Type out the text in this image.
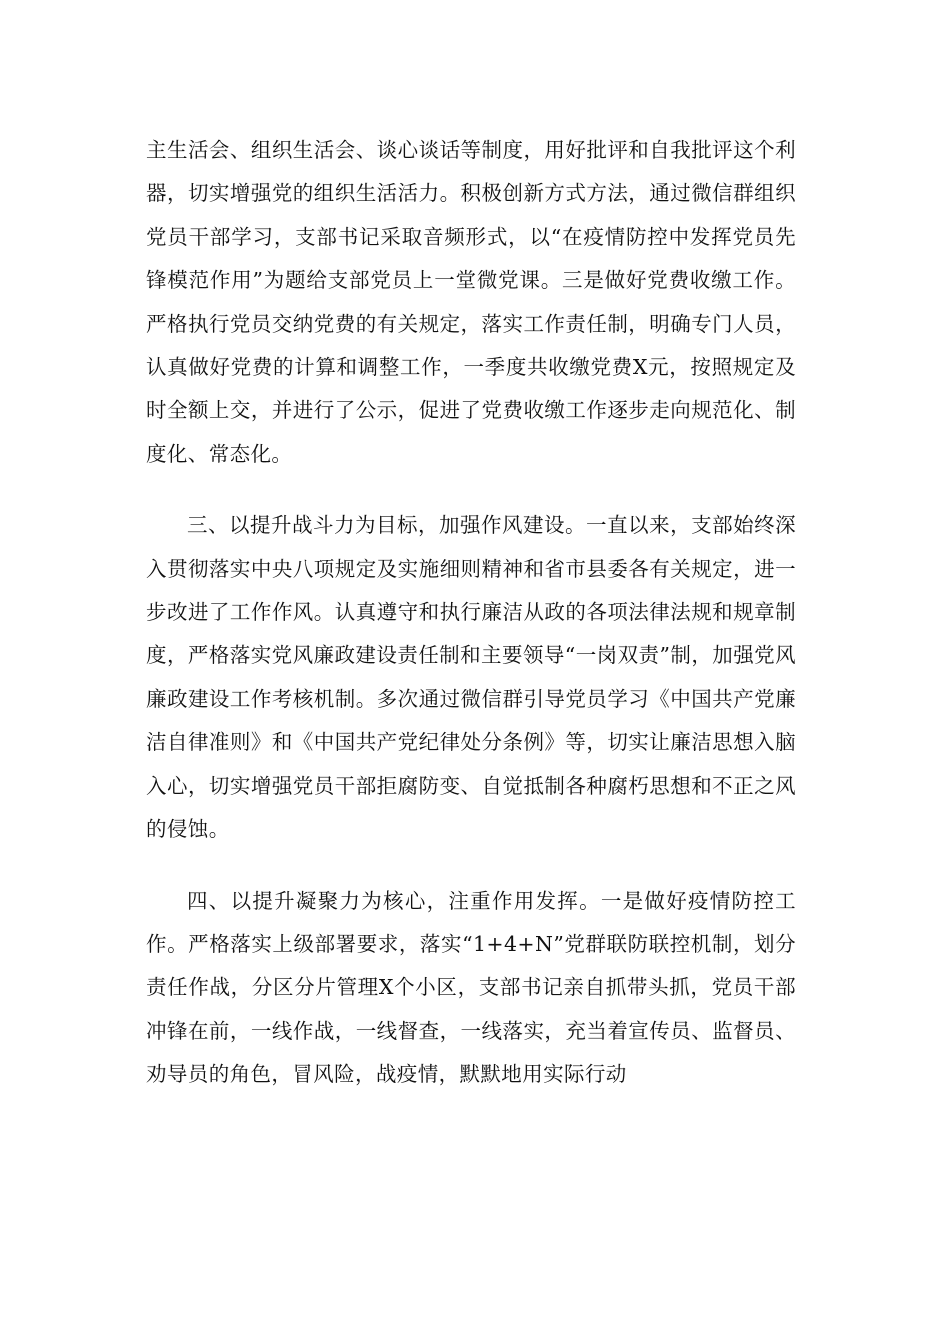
主生活会、组织生活会、谈心谈话等制度，用好批评和自我批评这个利器，切实增强党的组织生活活力。积极创新方式方法，通过微信群组织党员干部学习，支部书记采取音频形式，以“在疫情防控中发挥党员先锋模范作用”为题给支部党员上一堂微党课。三是做好党费收缴工作。严格执行党员交纳党费的有关规定，落实工作责任制，明确专门人员，认真做好党费的计算和调整工作，一季度共收缴党费X元，按照规定及时全额上交，并进行了公示，促进了党费收缴工作逐步走向规范化、制度化、常态化。

三、以提升战斗力为目标，加强作风建设。一直以来，支部始终深入贯彻落实中央八项规定及实施细则精神和省市县委各有关规定，进一步改进了工作作风。认真遵守和执行廉洁从政的各项法律法规和规章制度，严格落实党风廉政建设责任制和主要领导“一岗双责”制，加强党风廉政建设工作考核机制。多次通过微信群引导党员学习《中国共产党廉洁自律准则》和《中国共产党纪律处分条例》等，切实让廉洁思想入脑入心，切实增强党员干部拒腐防变、自觉抵制各种腐朽思想和不正之风的侵蚀。

四、以提升凝聚力为核心，注重作用发挥。一是做好疫情防控工作。严格落实上级部署要求，落实“1+4+N”党群联防联控机制，划分责任作战，分区分片管理X个小区，支部书记亲自抓带头抓，党员干部冲锋在前，一线作战，一线督查，一线落实，充当着宣传员、监督员、劝导员的角色，冒风险，战疫情，默默地用实际行动
